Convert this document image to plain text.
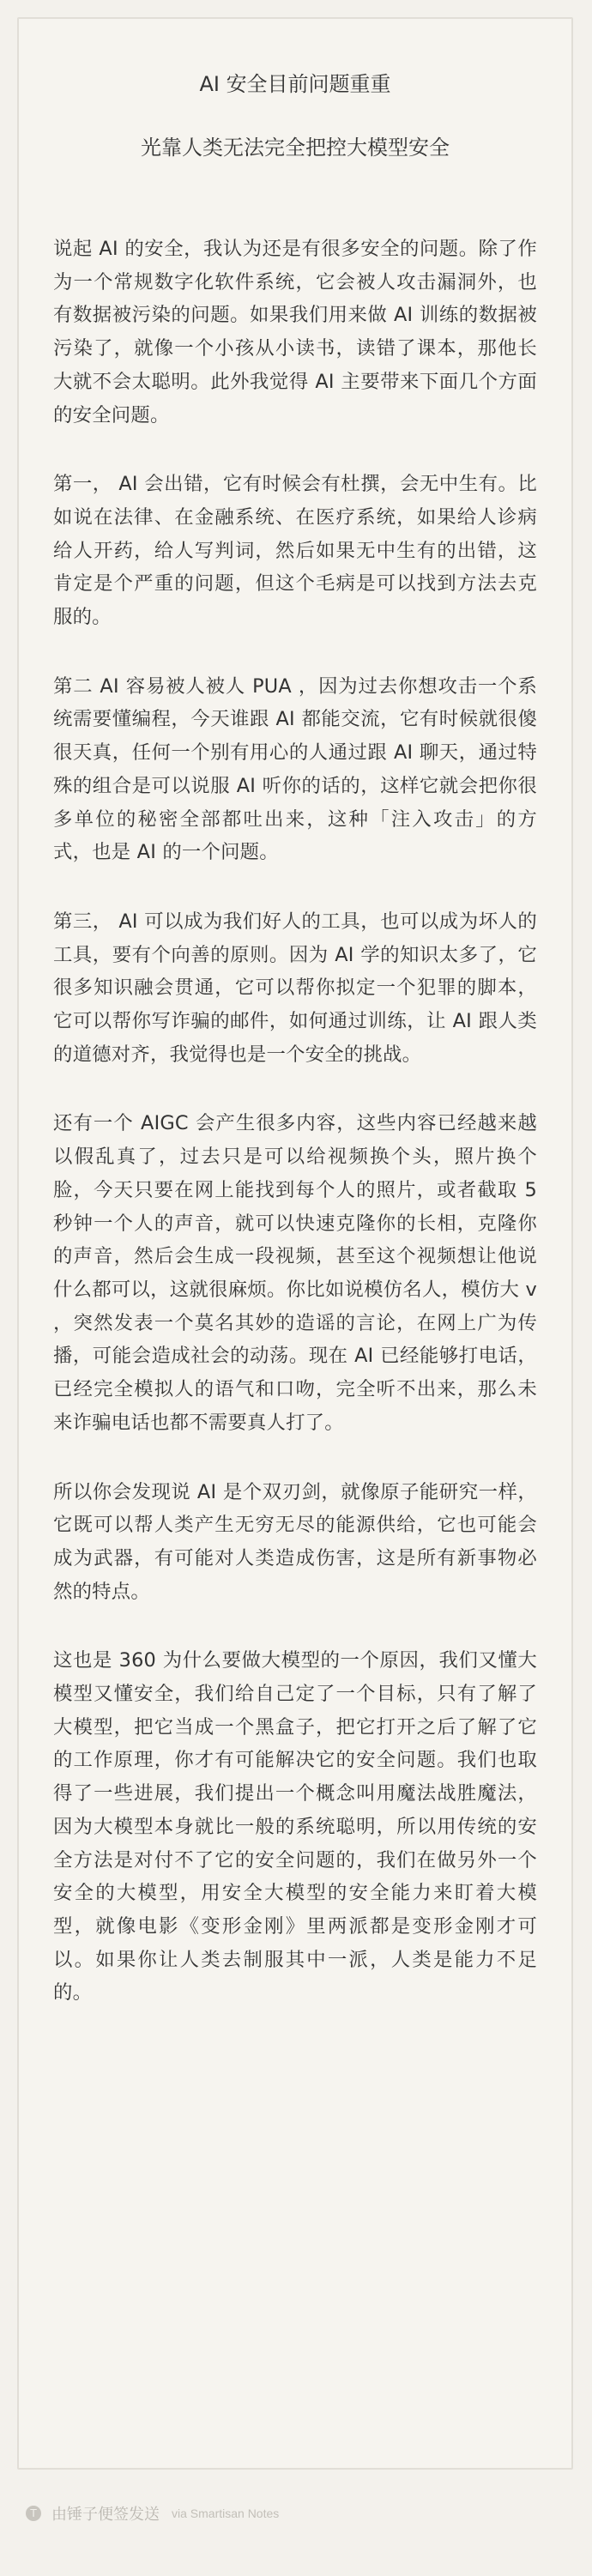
AI 安全目前问题重重

光靠人类无法完全把控大模型安全

说起 AI 的安全，我认为还是有很多安全的问题。除了作为一个常规数字化软件系统，它会被人攻击漏洞外，也有数据被污染的问题。如果我们用来做 AI 训练的数据被污染了，就像一个小孩从小读书，读错了课本，那他长大就不会太聪明。此外我觉得 AI 主要带来下面几个方面的安全问题。

第一， AI 会出错，它有时候会有杜撰，会无中生有。比如说在法律、在金融系统、在医疗系统，如果给人诊病给人开药，给人写判词，然后如果无中生有的出错，这肯定是个严重的问题，但这个毛病是可以找到方法去克服的。

第二 AI 容易被人被人 PUA ，因为过去你想攻击一个系统需要懂编程，今天谁跟 AI 都能交流，它有时候就很傻很天真，任何一个别有用心的人通过跟 AI 聊天，通过特殊的组合是可以说服 AI 听你的话的，这样它就会把你很多单位的秘密全部都吐出来，这种「注入攻击」的方式，也是 AI 的一个问题。

第三， AI 可以成为我们好人的工具，也可以成为坏人的工具，要有个向善的原则。因为 AI 学的知识太多了，它很多知识融会贯通，它可以帮你拟定一个犯罪的脚本，它可以帮你写诈骗的邮件，如何通过训练，让 AI 跟人类的道德对齐，我觉得也是一个安全的挑战。

还有一个 AIGC 会产生很多内容，这些内容已经越来越以假乱真了，过去只是可以给视频换个头，照片换个脸，今天只要在网上能找到每个人的照片，或者截取 5 秒钟一个人的声音，就可以快速克隆你的长相，克隆你的声音，然后会生成一段视频，甚至这个视频想让他说什么都可以，这就很麻烦。你比如说模仿名人，模仿大 v ，突然发表一个莫名其妙的造谣的言论，在网上广为传播，可能会造成社会的动荡。现在 AI 已经能够打电话，已经完全模拟人的语气和口吻，完全听不出来，那么未来诈骗电话也都不需要真人打了。

所以你会发现说 AI 是个双刃剑，就像原子能研究一样，它既可以帮人类产生无穷无尽的能源供给，它也可能会成为武器，有可能对人类造成伤害，这是所有新事物必然的特点。

这也是 360 为什么要做大模型的一个原因，我们又懂大模型又懂安全，我们给自己定了一个目标，只有了解了大模型，把它当成一个黑盒子，把它打开之后了解了它的工作原理，你才有可能解决它的安全问题。我们也取得了一些进展，我们提出一个概念叫用魔法战胜魔法，因为大模型本身就比一般的系统聪明，所以用传统的安全方法是对付不了它的安全问题的，我们在做另外一个安全的大模型，用安全大模型的安全能力来盯着大模型，就像电影《变形金刚》里两派都是变形金刚才可以。如果你让人类去制服其中一派，人类是能力不足的。

T 由锤子便签发送 via Smartisan Notes
